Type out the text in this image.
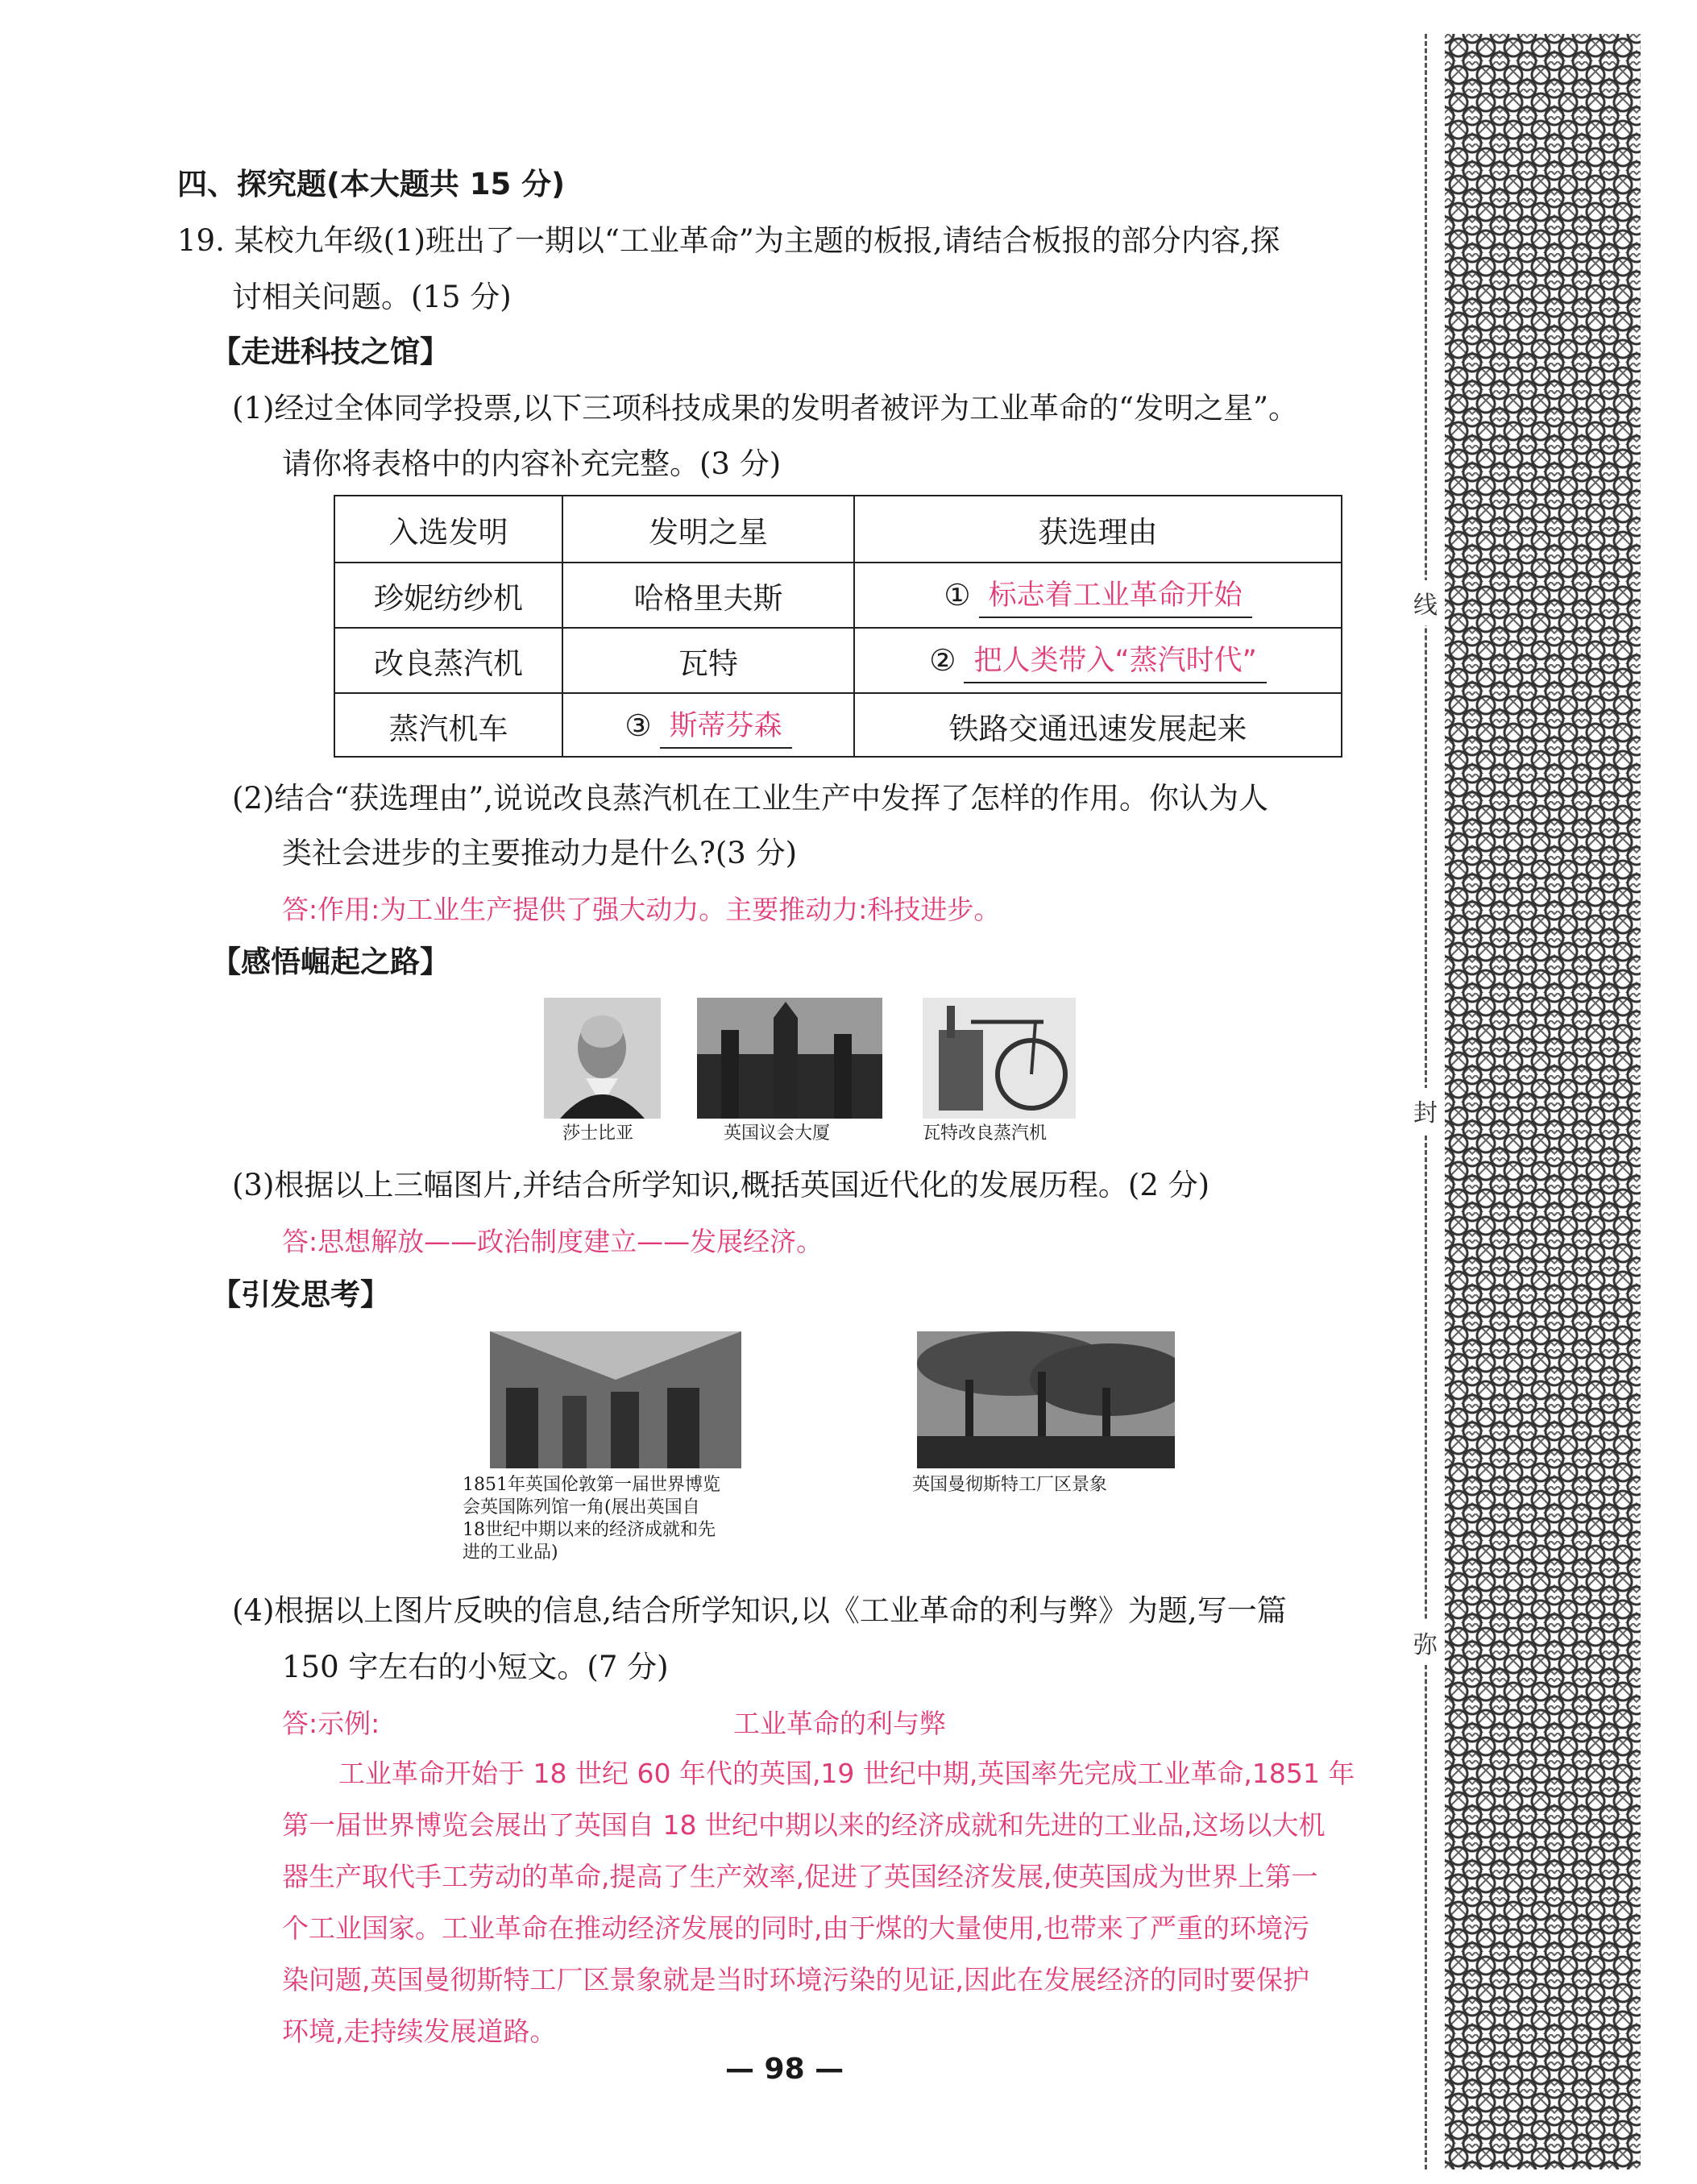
四、探究题(本大题共 15 分)
19. 某校九年级(1)班出了一期以“工业革命”为主题的板报,请结合板报的部分内容,探
讨相关问题。(15 分)
【走进科技之馆】
(1)经过全体同学投票,以下三项科技成果的发明者被评为工业革命的“发明之星”。
请你将表格中的内容补充完整。(3 分)
入选发明	发明之星	获选理由
珍妮纺纱机	哈格里夫斯	① 标志着工业革命开始
改良蒸汽机	瓦特	② 把人类带入“蒸汽时代”
蒸汽机车	③ 斯蒂芬森	铁路交通迅速发展起来
(2)结合“获选理由”,说说改良蒸汽机在工业生产中发挥了怎样的作用。你认为人
类社会进步的主要推动力是什么?(3 分)
答:作用:为工业生产提供了强大动力。主要推动力:科技进步。
【感悟崛起之路】
莎士比亚	英国议会大厦	瓦特改良蒸汽机
(3)根据以上三幅图片,并结合所学知识,概括英国近代化的发展历程。(2 分)
答:思想解放——政治制度建立——发展经济。
【引发思考】
1851年英国伦敦第一届世界博览
会英国陈列馆一角(展出英国自
18世纪中期以来的经济成就和先
进的工业品)
英国曼彻斯特工厂区景象
(4)根据以上图片反映的信息,结合所学知识,以《工业革命的利与弊》为题,写一篇
150 字左右的小短文。(7 分)
答:示例:	工业革命的利与弊
工业革命开始于 18 世纪 60 年代的英国,19 世纪中期,英国率先完成工业革命,1851 年
第一届世界博览会展出了英国自 18 世纪中期以来的经济成就和先进的工业品,这场以大机
器生产取代手工劳动的革命,提高了生产效率,促进了英国经济发展,使英国成为世界上第一
个工业国家。工业革命在推动经济发展的同时,由于煤的大量使用,也带来了严重的环境污
染问题,英国曼彻斯特工厂区景象就是当时环境污染的见证,因此在发展经济的同时要保护
环境,走持续发展道路。
— 98 —
线
封
弥
